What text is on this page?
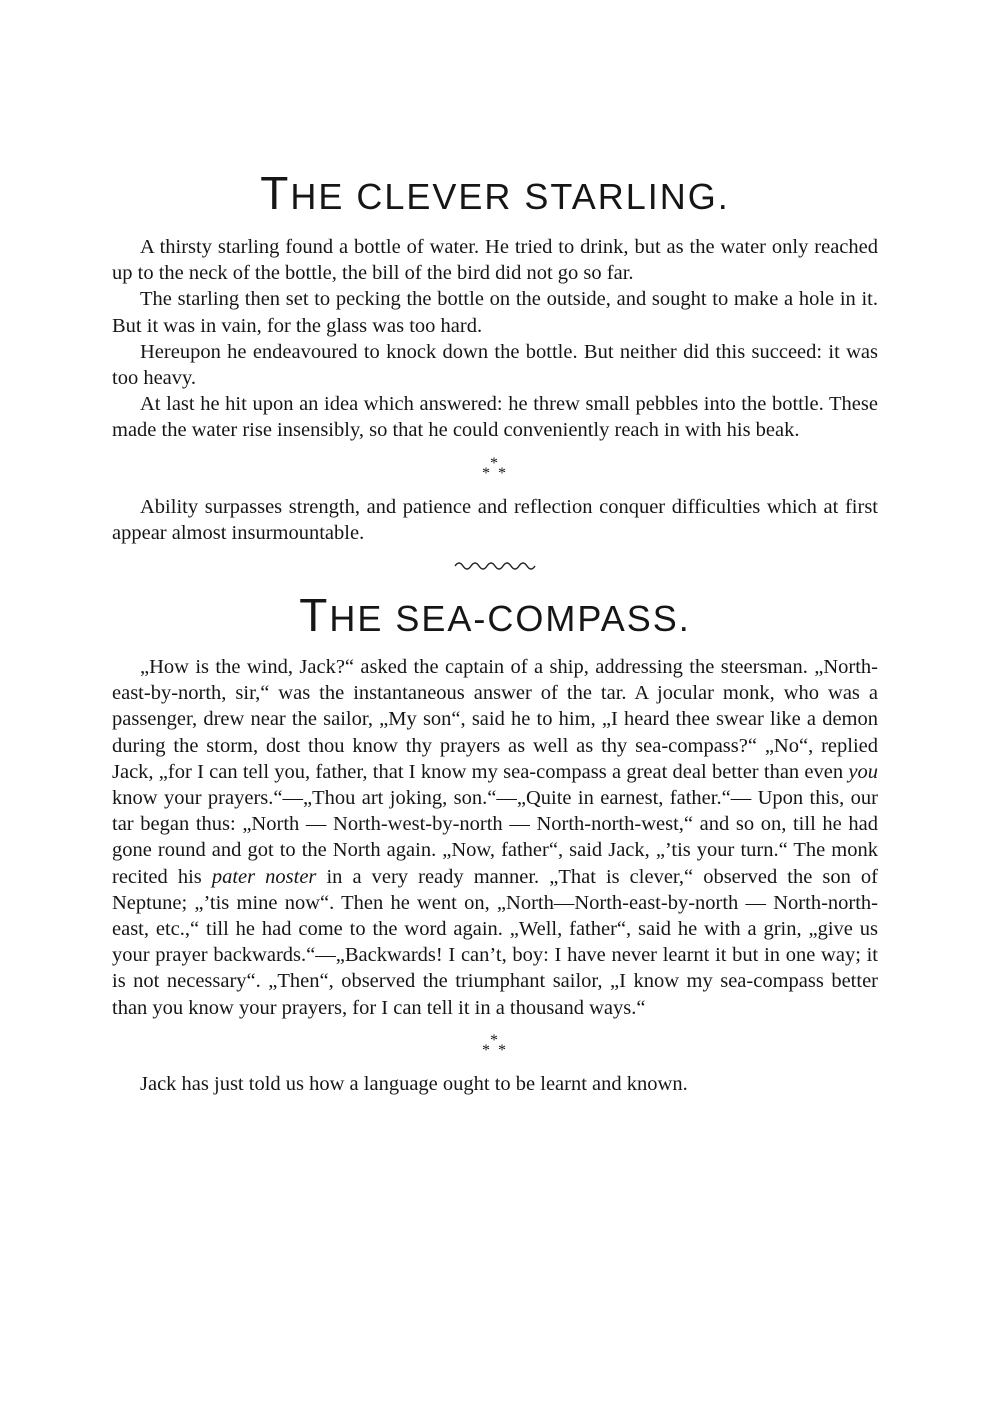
THE CLEVER STARLING.

A thirsty starling found a bottle of water. He tried to drink, but as the water only reached up to the neck of the bottle, the bill of the bird did not go so far.

The starling then set to pecking the bottle on the outside, and sought to make a hole in it. But it was in vain, for the glass was too hard.

Hereupon he endeavoured to knock down the bottle. But neither did this succeed: it was too heavy.

At last he hit upon an idea which answered: he threw small pebbles into the bottle. These made the water rise insensibly, so that he could conveniently reach in with his beak.

*
* *

Ability surpasses strength, and patience and reflection conquer difficulties which at first appear almost insurmountable.

THE SEA-COMPASS.

„How is the wind, Jack?“ asked the captain of a ship, addressing the steersman. „North-east-by-north, sir,“ was the instantaneous answer of the tar. A jocular monk, who was a passenger, drew near the sailor, „My son“, said he to him, „I heard thee swear like a demon during the storm, dost thou know thy prayers as well as thy sea-compass?“ „No“, replied Jack, „for I can tell you, father, that I know my sea-compass a great deal better than even you know your prayers.“—„Thou art joking, son.“—„Quite in earnest, father.“— Upon this, our tar began thus: „North — North-west-by-north — North-north-west,“ and so on, till he had gone round and got to the North again. „Now, father“, said Jack, „’tis your turn.“ The monk recited his pater noster in a very ready manner. „That is clever,“ observed the son of Neptune; „’tis mine now“. Then he went on, „North—North-east-by-north — North-north-east, etc.,“ till he had come to the word again. „Well, father“, said he with a grin, „give us your prayer backwards.“—„Backwards! I can’t, boy: I have never learnt it but in one way; it is not necessary“. „Then“, observed the triumphant sailor, „I know my sea-compass better than you know your prayers, for I can tell it in a thousand ways.“

*
* *

Jack has just told us how a language ought to be learnt and known.
